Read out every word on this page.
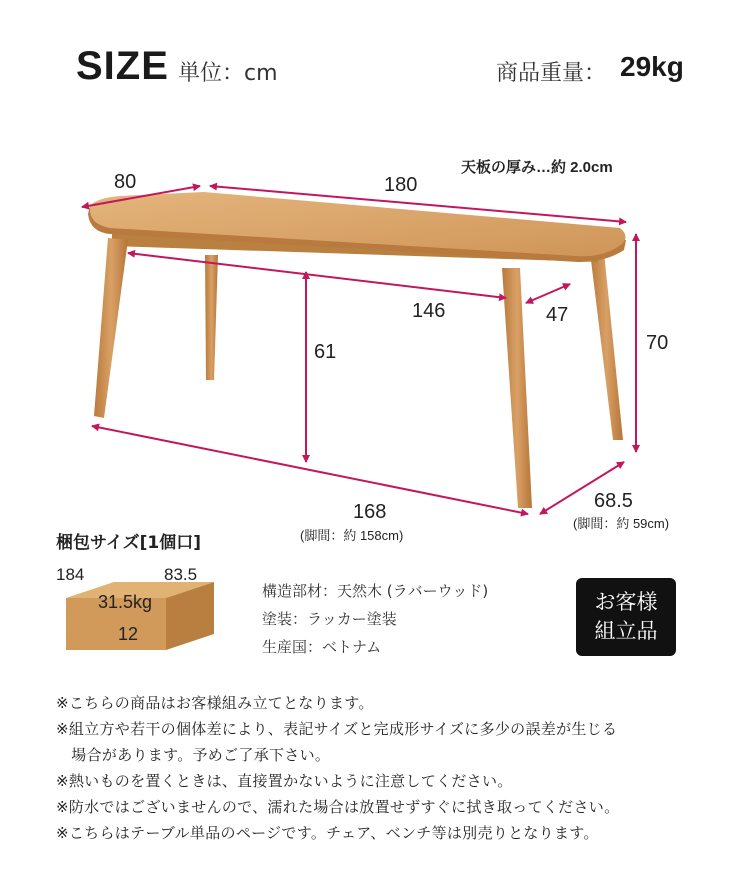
SIZE 単位：cm	商品重量： 29kg
天板の厚み…約 2.0cm
80	180
146	47
70
61
168
(脚間：約 158cm)
68.5
(脚間：約 59cm)
梱包サイズ[1個口]
184	83.5
31.5kg
12
構造部材：天然木 (ラバーウッド)
塗装：ラッカー塗装
生産国：ベトナム
お客様
組立品
※こちらの商品はお客様組み立てとなります。
※組立方や若干の個体差により、表記サイズと完成形サイズに多少の誤差が生じる
　場合があります。予めご了承下さい。
※熱いものを置くときは、直接置かないように注意してください。
※防水ではございませんので、濡れた場合は放置せずすぐに拭き取ってください。
※こちらはテーブル単品のページです。チェア、ベンチ等は別売りとなります。
